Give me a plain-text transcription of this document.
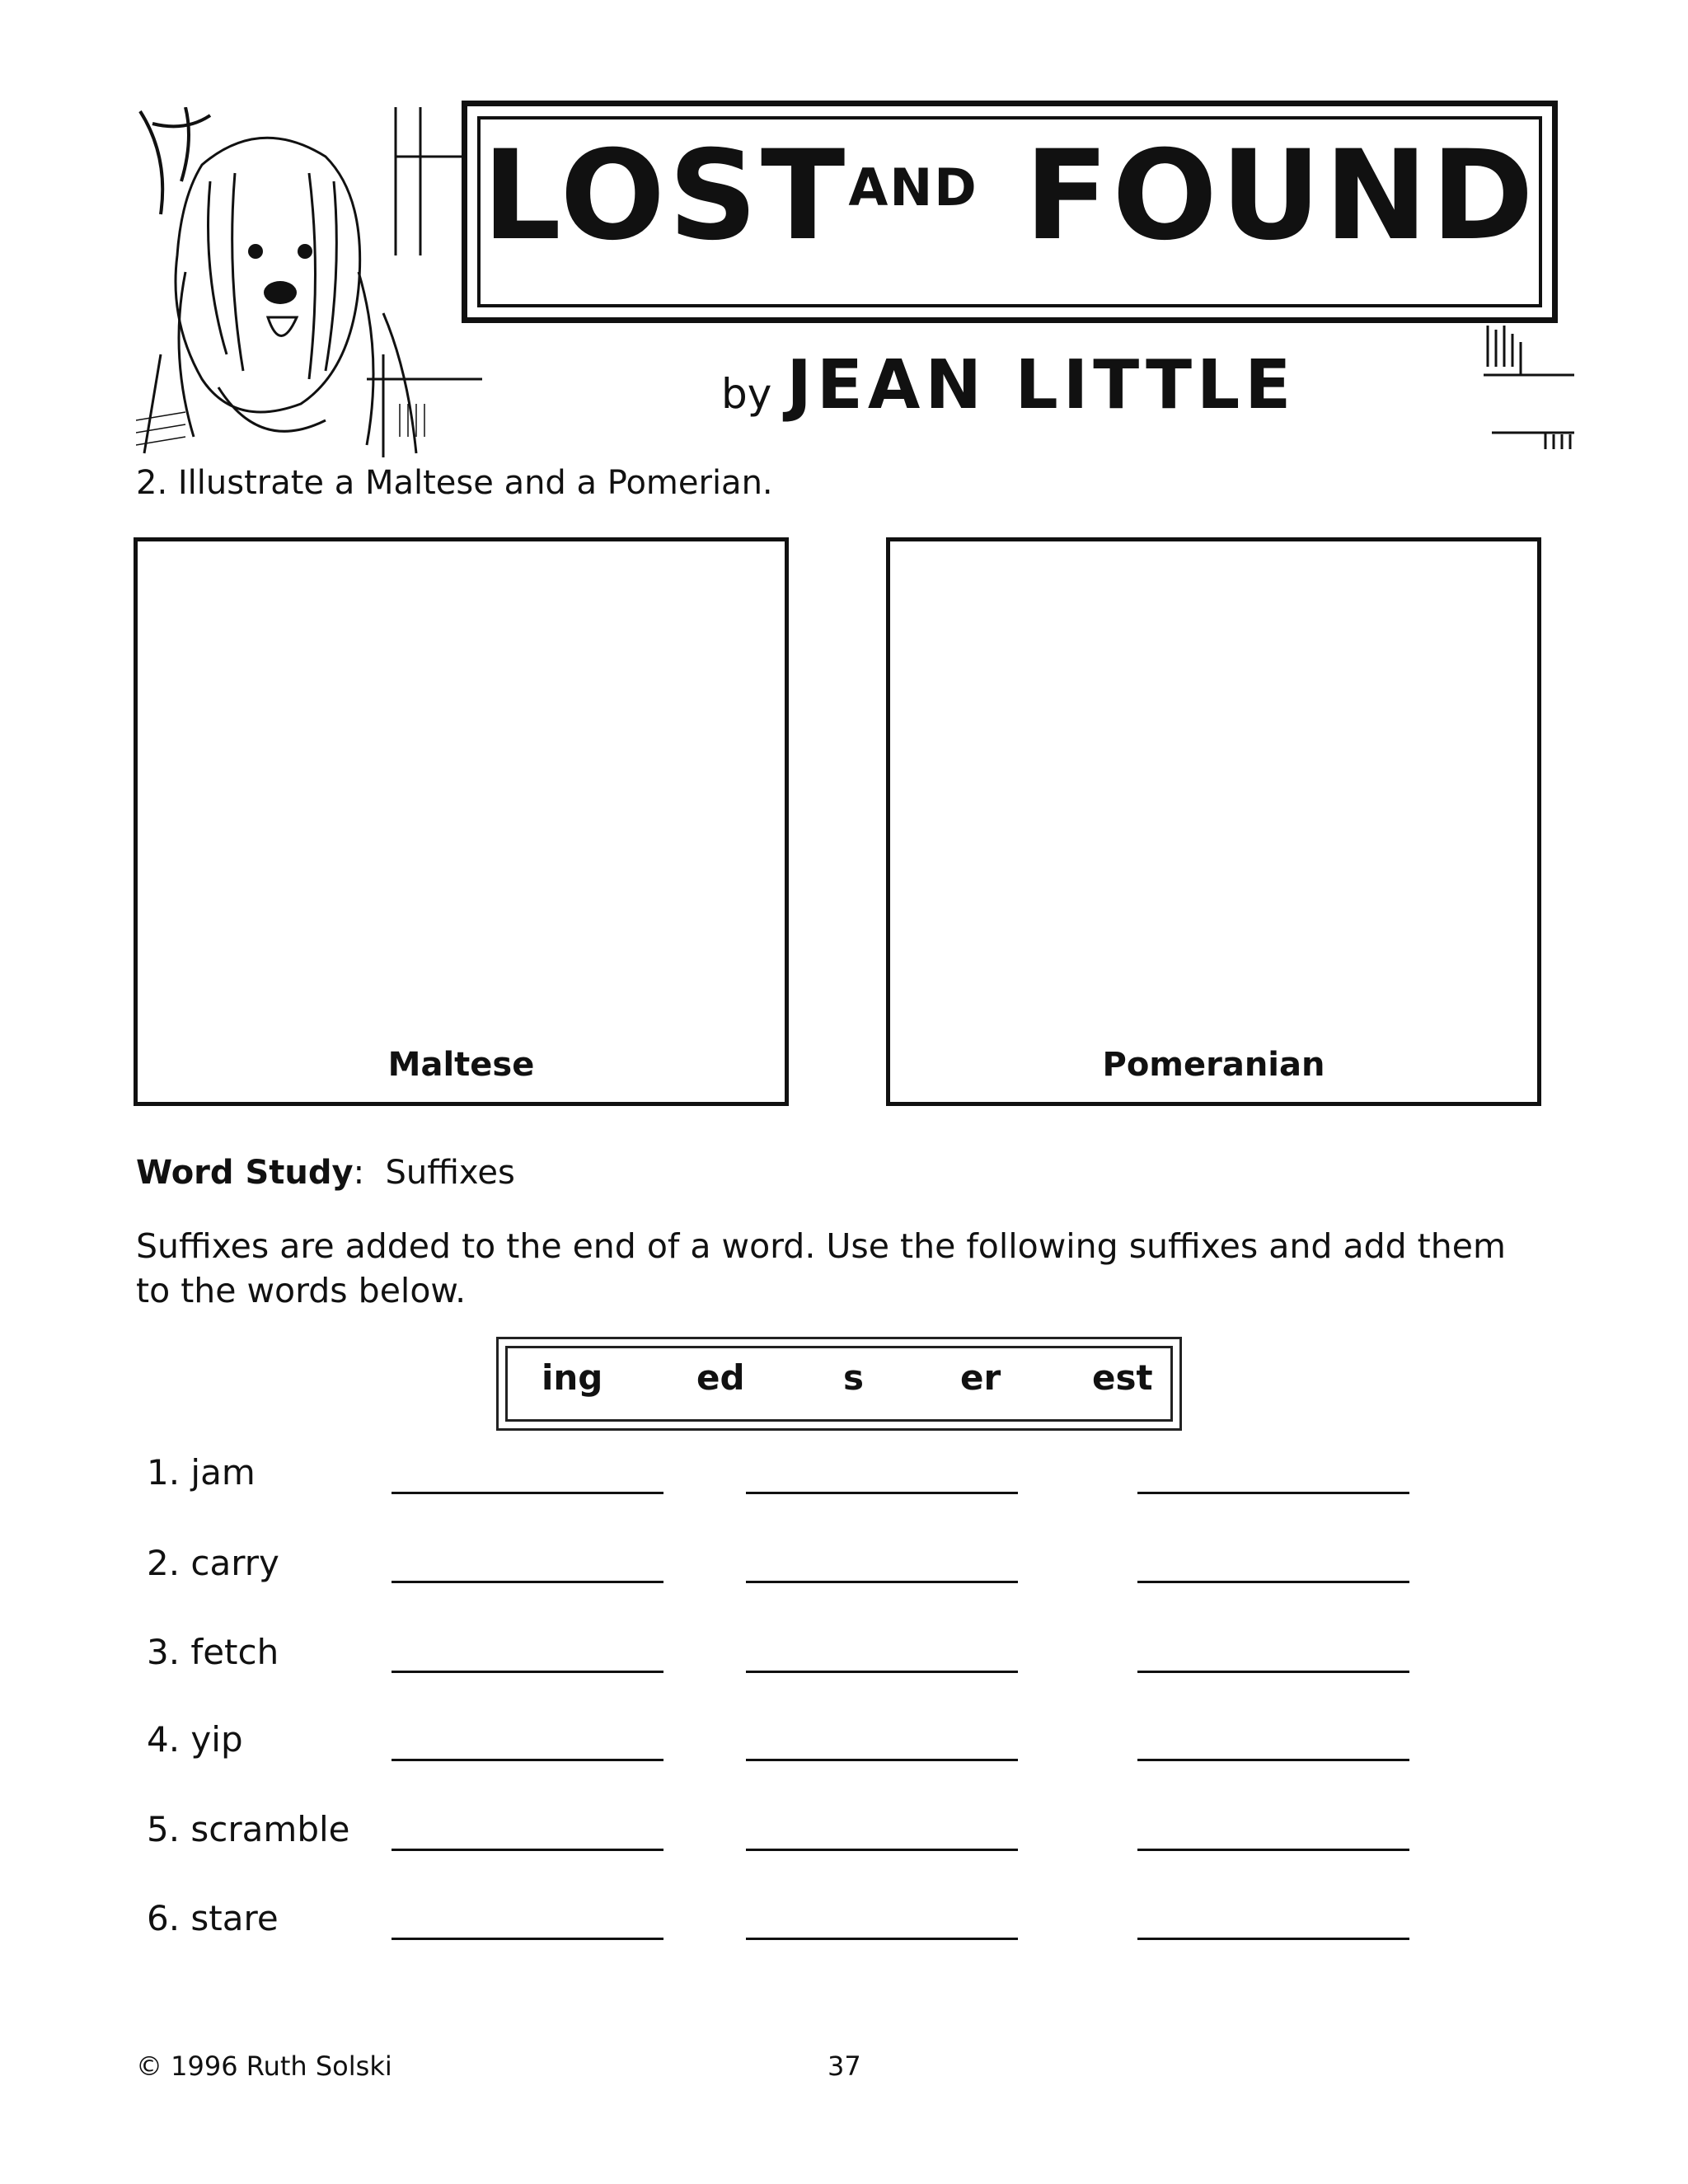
$LOST^{AND}$ FOUND
by JEAN LITTLE
2. Illustrate a Maltese and a Pomerian.
Maltese	Pomeranian
Word Study: Suffixes
Suffixes are added to the end of a word. Use the following suffixes and add them to the words below.
ing	ed	s	er	est
1. jam
2. carry
3. fetch
4. yip
5. scramble
6. stare
© 1996 Ruth Solski	37
